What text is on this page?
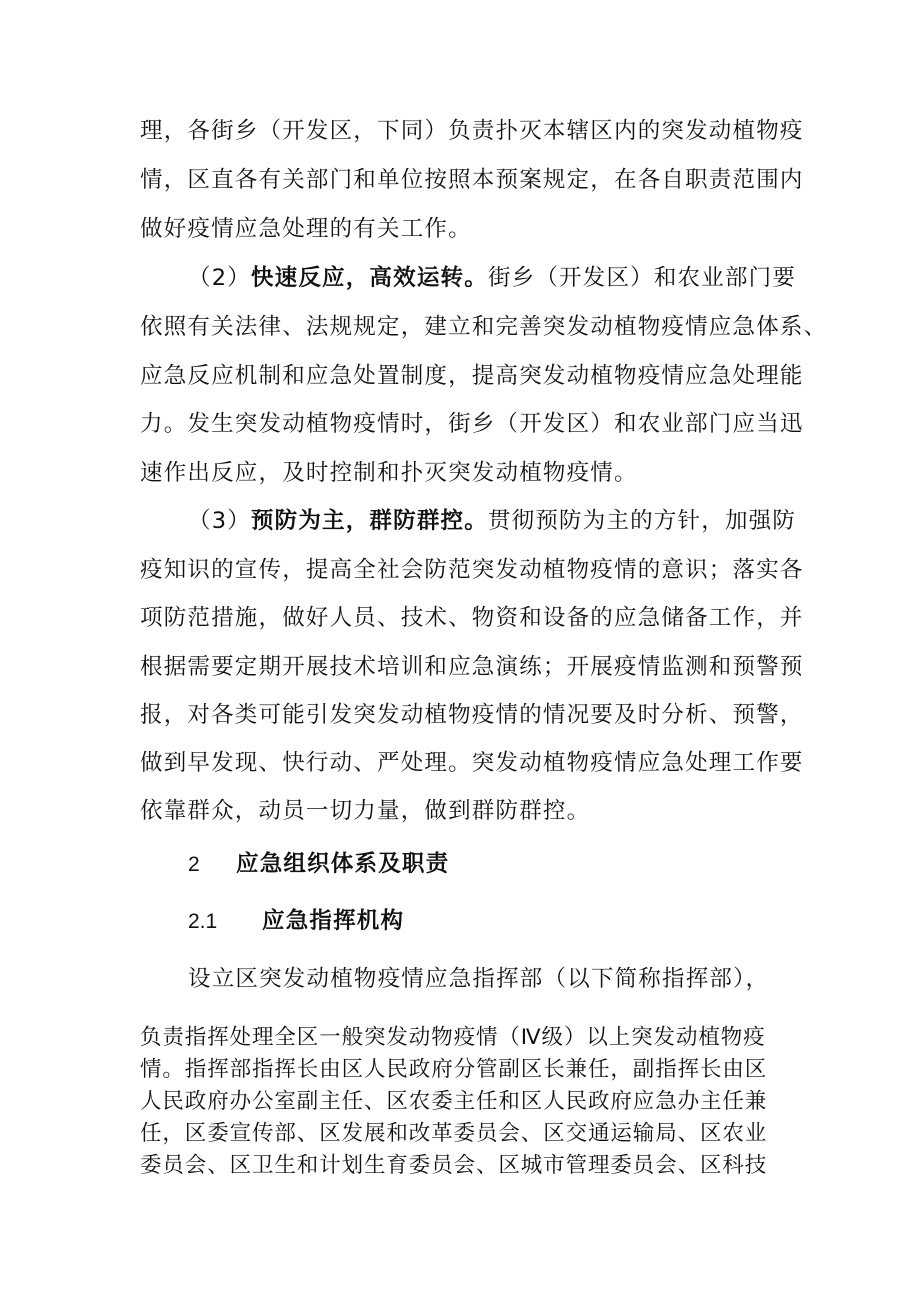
理，各街乡（开发区，下同）负责扑灭本辖区内的突发动植物疫
情，区直各有关部门和单位按照本预案规定，在各自职责范围内
做好疫情应急处理的有关工作。
（2）快速反应，高效运转。街乡（开发区）和农业部门要
依照有关法律、法规规定，建立和完善突发动植物疫情应急体系、
应急反应机制和应急处置制度，提高突发动植物疫情应急处理能
力。发生突发动植物疫情时，街乡（开发区）和农业部门应当迅
速作出反应，及时控制和扑灭突发动植物疫情。
（3）预防为主，群防群控。贯彻预防为主的方针，加强防
疫知识的宣传，提高全社会防范突发动植物疫情的意识；落实各
项防范措施，做好人员、技术、物资和设备的应急储备工作，并
根据需要定期开展技术培训和应急演练；开展疫情监测和预警预
报，对各类可能引发突发动植物疫情的情况要及时分析、预警，
做到早发现、快行动、严处理。突发动植物疫情应急处理工作要
依靠群众，动员一切力量，做到群防群控。
2 应急组织体系及职责
2.1 应急指挥机构
设立区突发动植物疫情应急指挥部（以下简称指挥部），
负责指挥处理全区一般突发动物疫情（Ⅳ级）以上突发动植物疫
情。指挥部指挥长由区人民政府分管副区长兼任，副指挥长由区
人民政府办公室副主任、区农委主任和区人民政府应急办主任兼
任，区委宣传部、区发展和改革委员会、区交通运输局、区农业
委员会、区卫生和计划生育委员会、区城市管理委员会、区科技
